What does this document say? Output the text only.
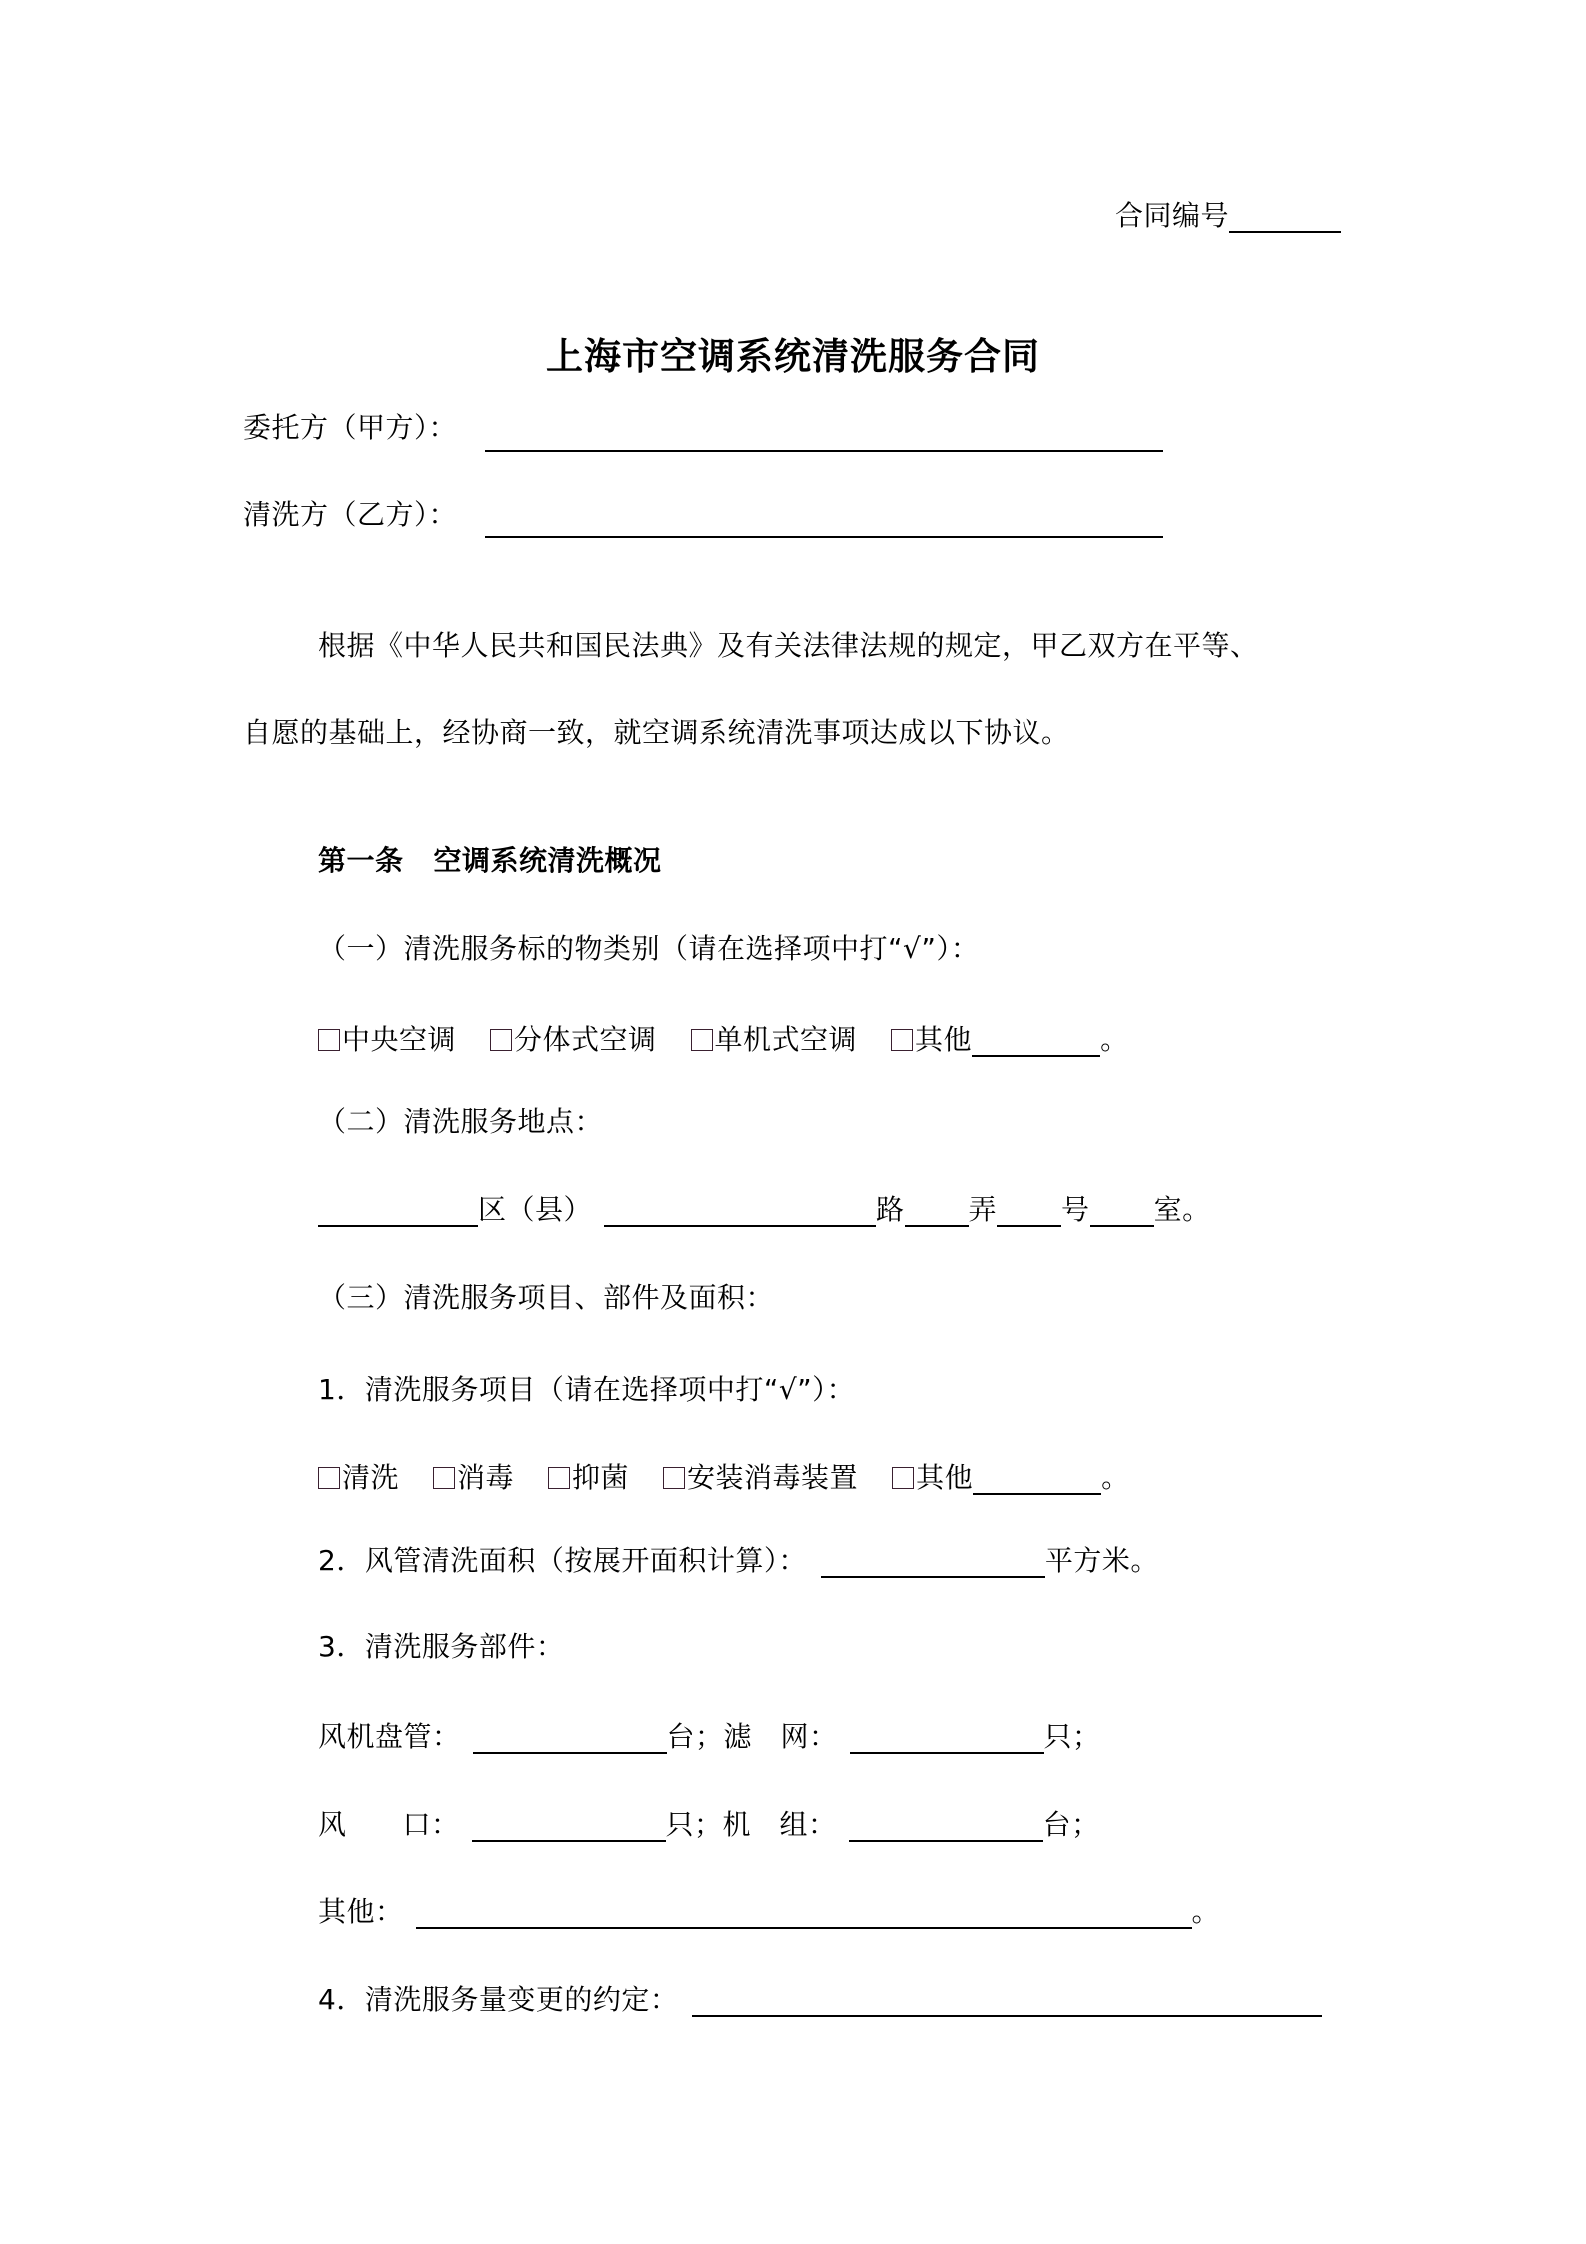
合同编号
上海市空调系统清洗服务合同
委托方（甲方）：
清洗方（乙方）：
根据《中华人民共和国民法典》及有关法律法规的规定，甲乙双方在平等、
自愿的基础上，经协商一致，就空调系统清洗事项达成以下协议。
第一条 空调系统清洗概况
（一）清洗服务标的物类别（请在选择项中打“√”）：
中央空调 分体式空调 单机式空调 其他	。
（二）清洗服务地点：
区（县）	路 弄 号 室。
（三）清洗服务项目、部件及面积：
1．清洗服务项目（请在选择项中打“√”）：
清洗 消毒 抑菌 安装消毒装置 其他	。
2．风管清洗面积（按展开面积计算）：	平方米。
3．清洗服务部件：
风机盘管：	台；滤　网：	只；
风 口：	只；机　组：	台；
其他：	。
4．清洗服务量变更的约定：
